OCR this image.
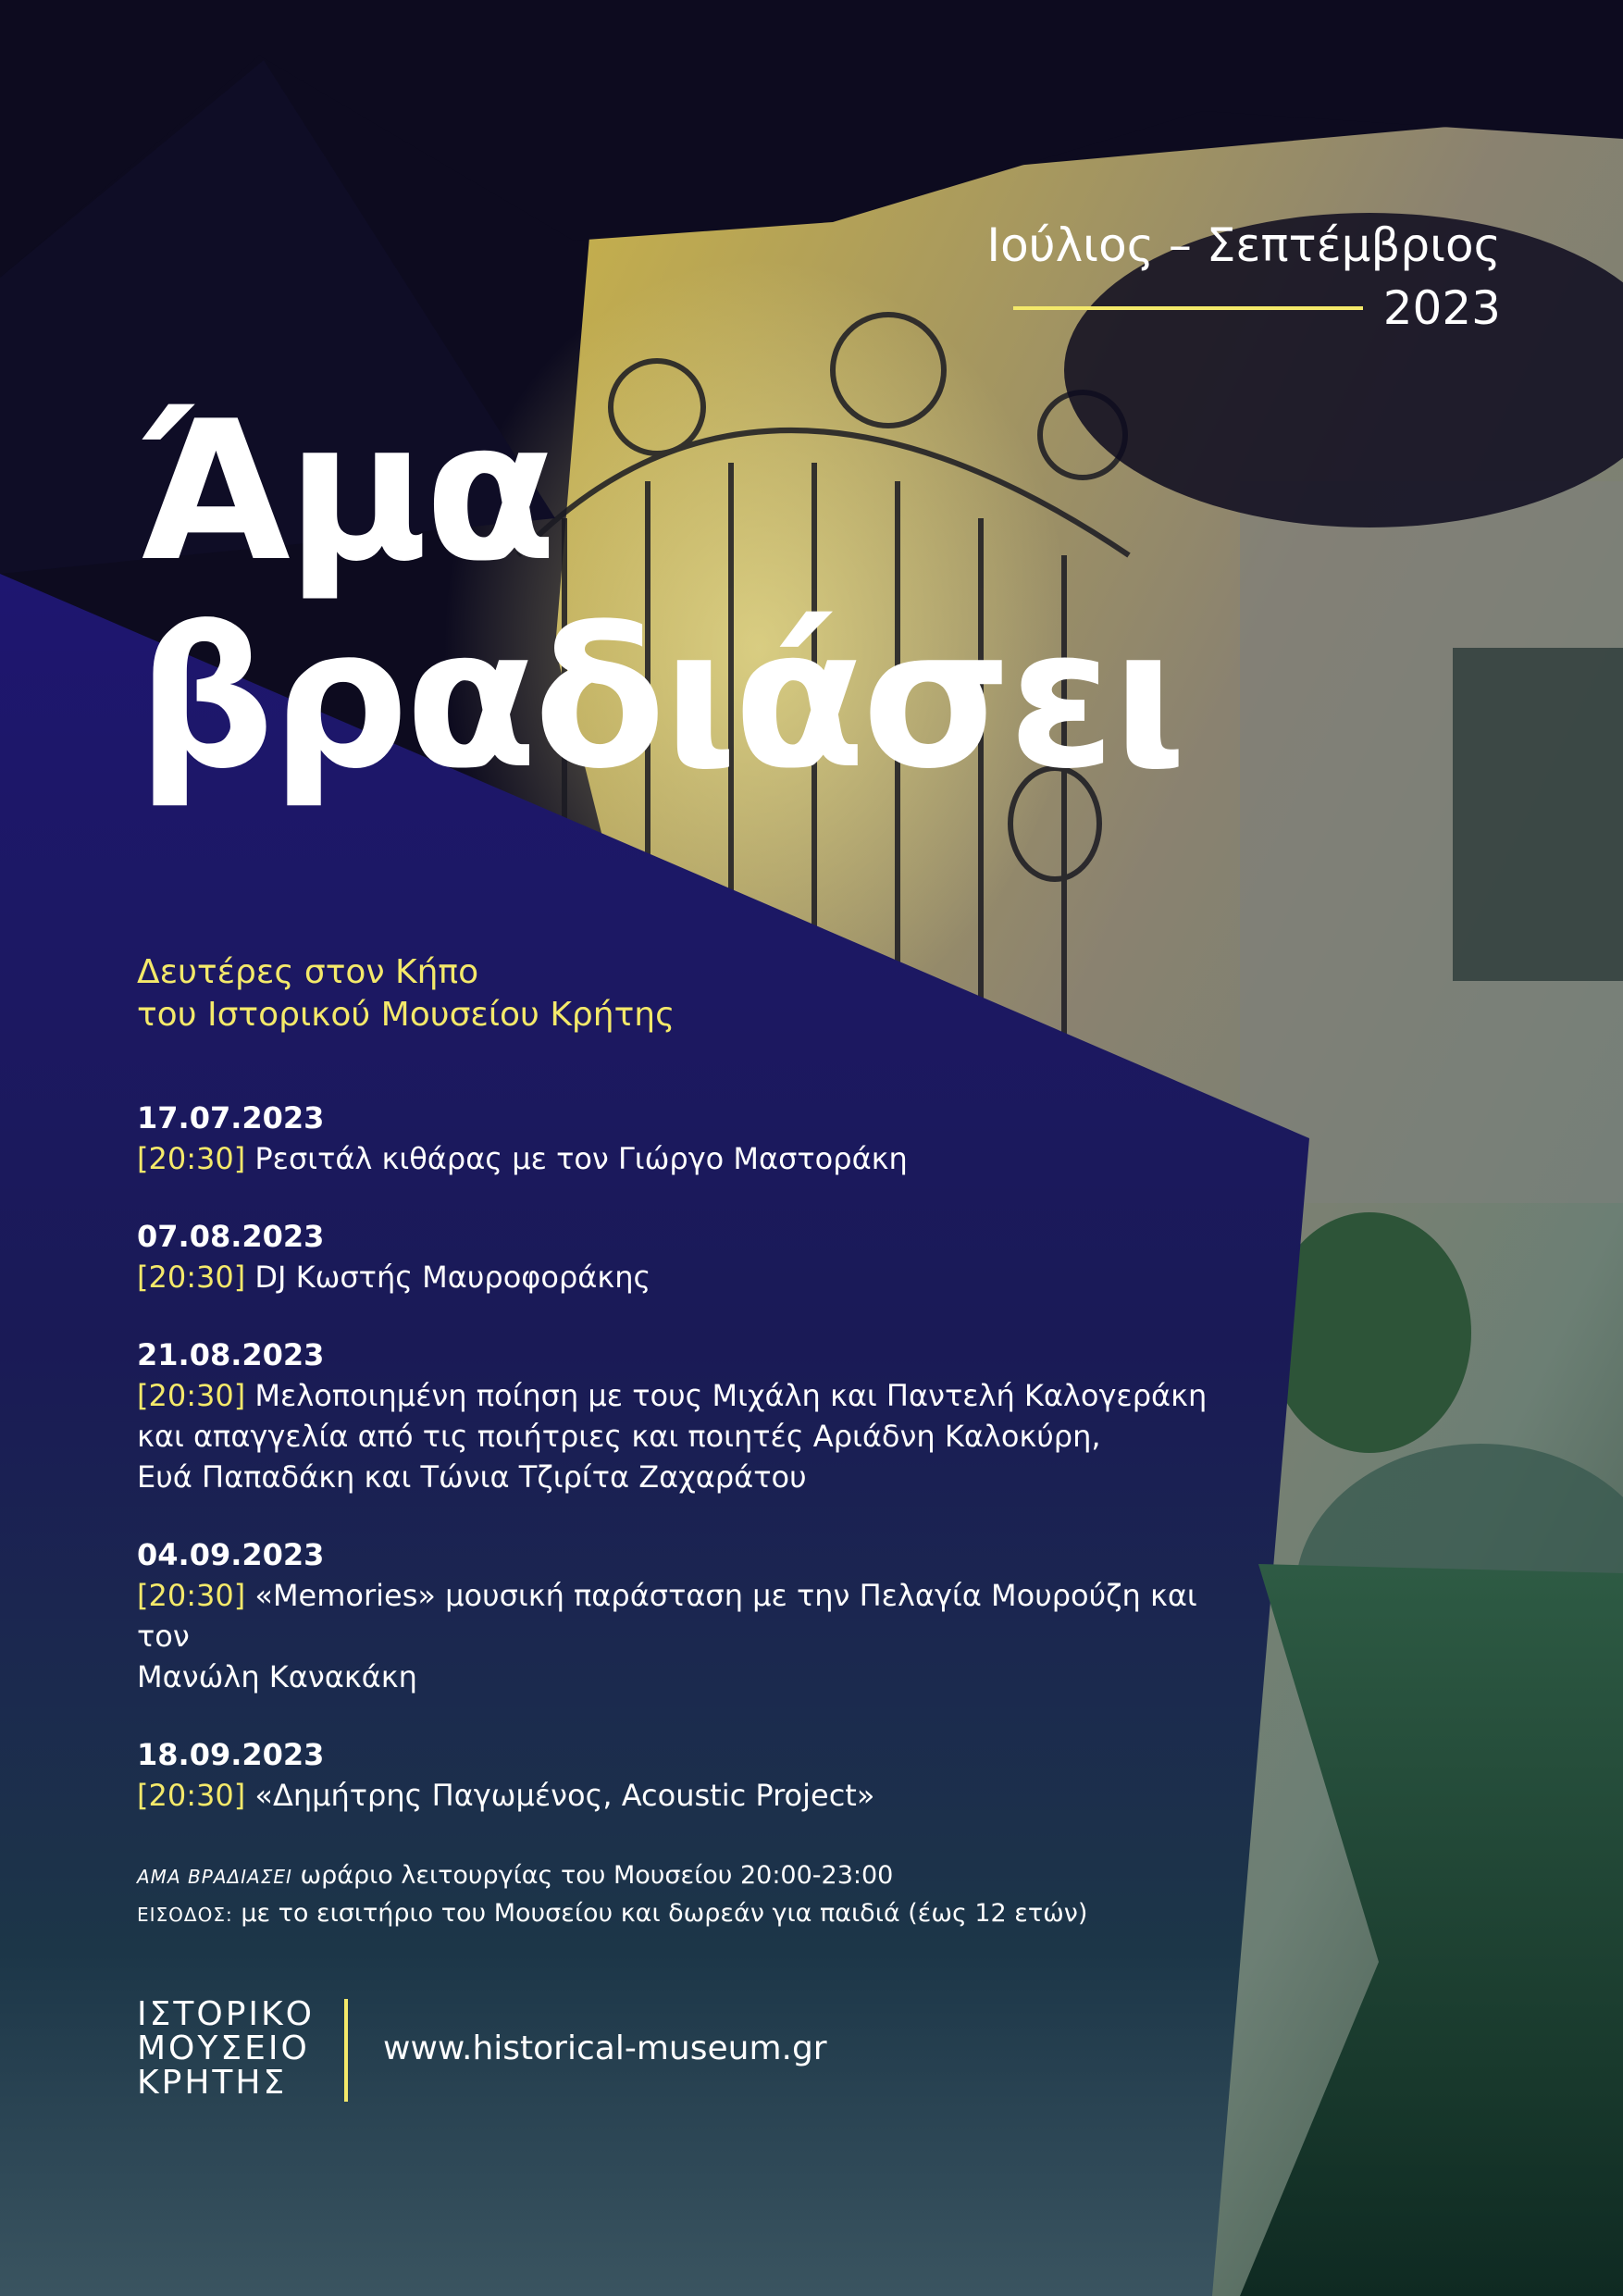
Ιούλιος – Σεπτέμβριος
2023
Άμα
βραδιάσει
Δευτέρες στον Κήπο
του Ιστορικού Μουσείου Κρήτης
17.07.2023
[20:30] Ρεσιτάλ κιθάρας με τον Γιώργο Μαστοράκη
07.08.2023
[20:30] DJ Κωστής Μαυροφοράκης
21.08.2023
[20:30] Μελοποιημένη ποίηση με τους Μιχάλη και Παντελή Καλογεράκη
και απαγγελία από τις ποιήτριες και ποιητές Αριάδνη Καλοκύρη,
Ευά Παπαδάκη και Τώνια Τζιρίτα Ζαχαράτου
04.09.2023
[20:30] «Memories» μουσική παράσταση με την Πελαγία Μουρούζη και τον
Μανώλη Κανακάκη
18.09.2023
[20:30] «Δημήτρης Παγωμένος, Acoustic Project»
ΑΜΑ ΒΡΑΔΙΑΣΕΙ ωράριο λειτουργίας του Μουσείου 20:00-23:00
ΕΙΣΟΔΟΣ: με το εισιτήριο του Μουσείου και δωρεάν για παιδιά (έως 12 ετών)
ΙΣΤΟΡΙΚΟ
ΜΟΥΣΕΙΟ
ΚΡΗΤΗΣ
www.historical-museum.gr
